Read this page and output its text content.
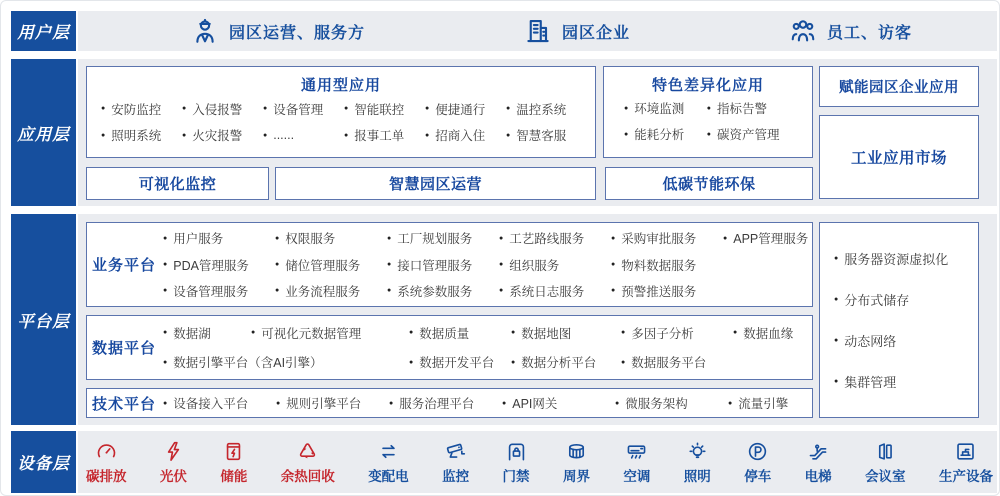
用户层
应用层
平台层
设备层
园区运营、服务方	园区企业	员工、访客
通用型应用
● 安防监控	● 入侵报警	● 设备管理	● 智能联控	● 便捷通行	● 温控系统
● 照明系统	● 火灾报警	● ......	● 报事工单	● 招商入住	● 智慧客服
特色差异化应用
● 环境监测	● 指标告警
● 能耗分析	● 碳资产管理
赋能园区企业应用
工业应用市场
可视化监控	智慧园区运营	低碳节能环保
业务平台
● 用户服务	● 权限服务	● 工厂规划服务	● 工艺路线服务	● 采购审批服务	● APP管理服务
● PDA管理服务	● 储位管理服务	● 接口管理服务	● 组织服务	● 物料数据服务
● 设备管理服务	● 业务流程服务	● 系统参数服务	● 系统日志服务	● 预警推送服务
数据平台
● 数据湖	● 可视化元数据管理	● 数据质量	● 数据地图	● 多因子分析	● 数据血缘
● 数据引擎平台（含AI引擎）	● 数据开发平台	● 数据分析平台	● 数据服务平台
技术平台	● 设备接入平台	● 规则引擎平台	● 服务治理平台	● API网关	● 微服务架构	● 流量引擎
● 服务器资源虚拟化
● 分布式储存
● 动态网络
● 集群管理
碳排放 光伏 储能 余热回收 变配电 监控 门禁 周界 空调 照明 停车 电梯 会议室 生产设备
